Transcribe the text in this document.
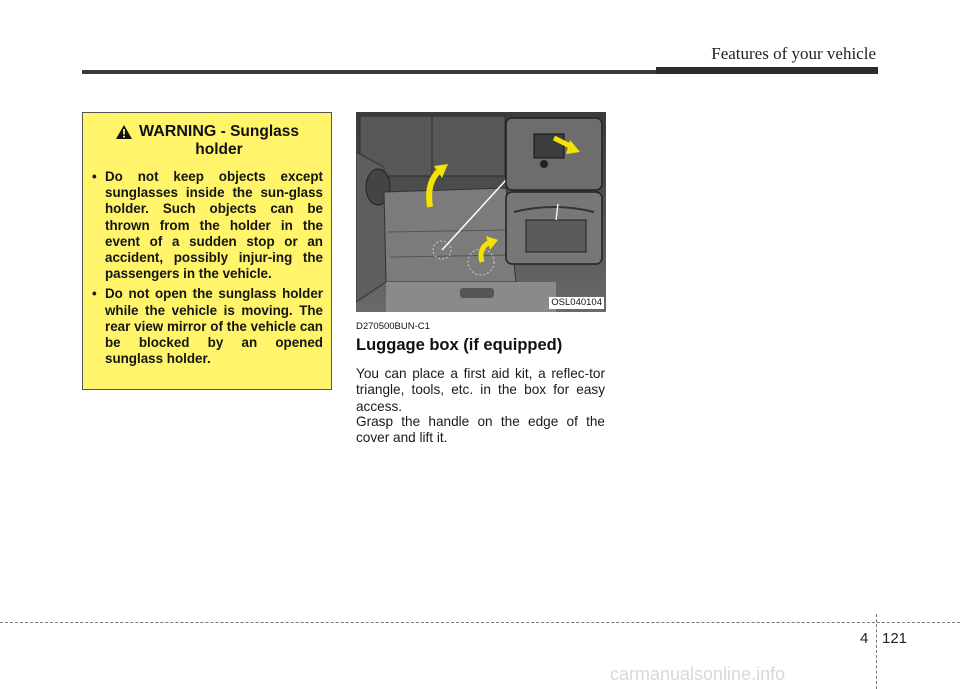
Features of your vehicle
WARNING - Sunglass
holder
• Do not keep objects except sunglasses inside the sun-glass holder. Such objects can be thrown from the holder in the event of a sudden stop or an accident, possibly injur-ing the passengers in the vehicle.
• Do not open the sunglass holder while the vehicle is moving. The rear view mirror of the vehicle can be blocked by an opened sunglass holder.
OSL040104
D270500BUN-C1
Luggage box (if equipped)

You can place a first aid kit, a reflec-tor triangle, tools, etc. in the box for easy access.

Grasp the handle on the edge of the cover and lift it.

4 121
carmanualsonline.info
